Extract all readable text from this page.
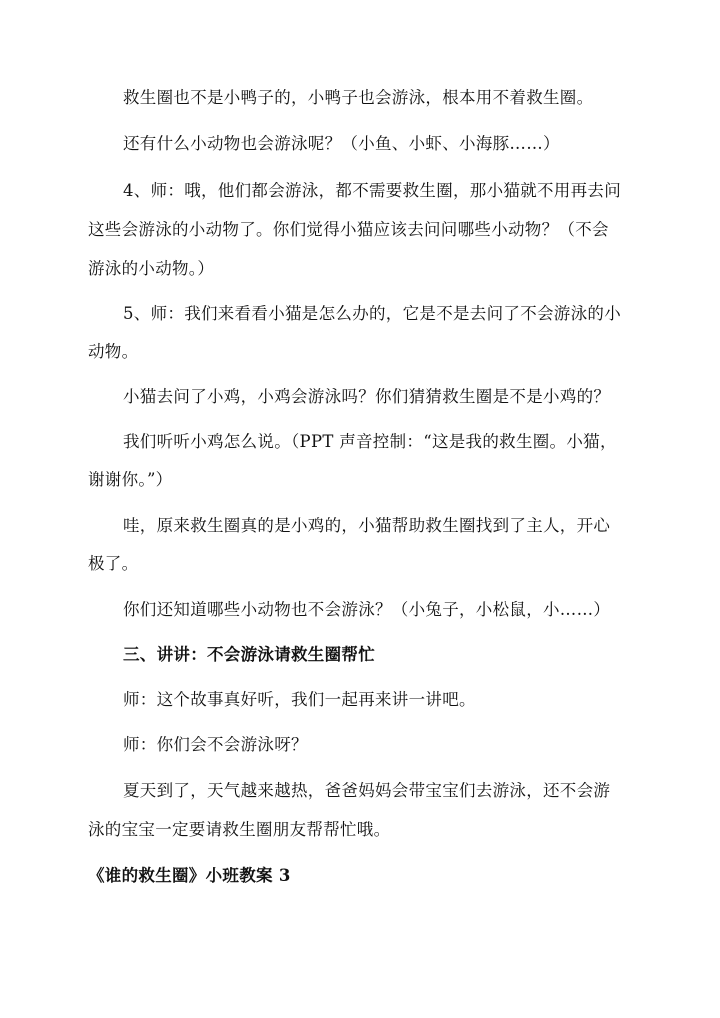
救生圈也不是小鸭子的，小鸭子也会游泳，根本用不着救生圈。
还有什么小动物也会游泳呢？（小鱼、小虾、小海豚……）
4、师：哦，他们都会游泳，都不需要救生圈，那小猫就不用再去问
这些会游泳的小动物了。你们觉得小猫应该去问问哪些小动物？（不会
游泳的小动物。）
5、师：我们来看看小猫是怎么办的，它是不是去问了不会游泳的小
动物。
小猫去问了小鸡，小鸡会游泳吗？你们猜猜救生圈是不是小鸡的？
我们听听小鸡怎么说。（PPT 声音控制：“这是我的救生圈。小猫，
谢谢你。”）
哇，原来救生圈真的是小鸡的，小猫帮助救生圈找到了主人，开心
极了。
你们还知道哪些小动物也不会游泳？（小兔子，小松鼠，小……）
三、讲讲：不会游泳请救生圈帮忙
师：这个故事真好听，我们一起再来讲一讲吧。
师：你们会不会游泳呀？
夏天到了，天气越来越热，爸爸妈妈会带宝宝们去游泳，还不会游
泳的宝宝一定要请救生圈朋友帮帮忙哦。
《谁的救生圈》小班教案 3
